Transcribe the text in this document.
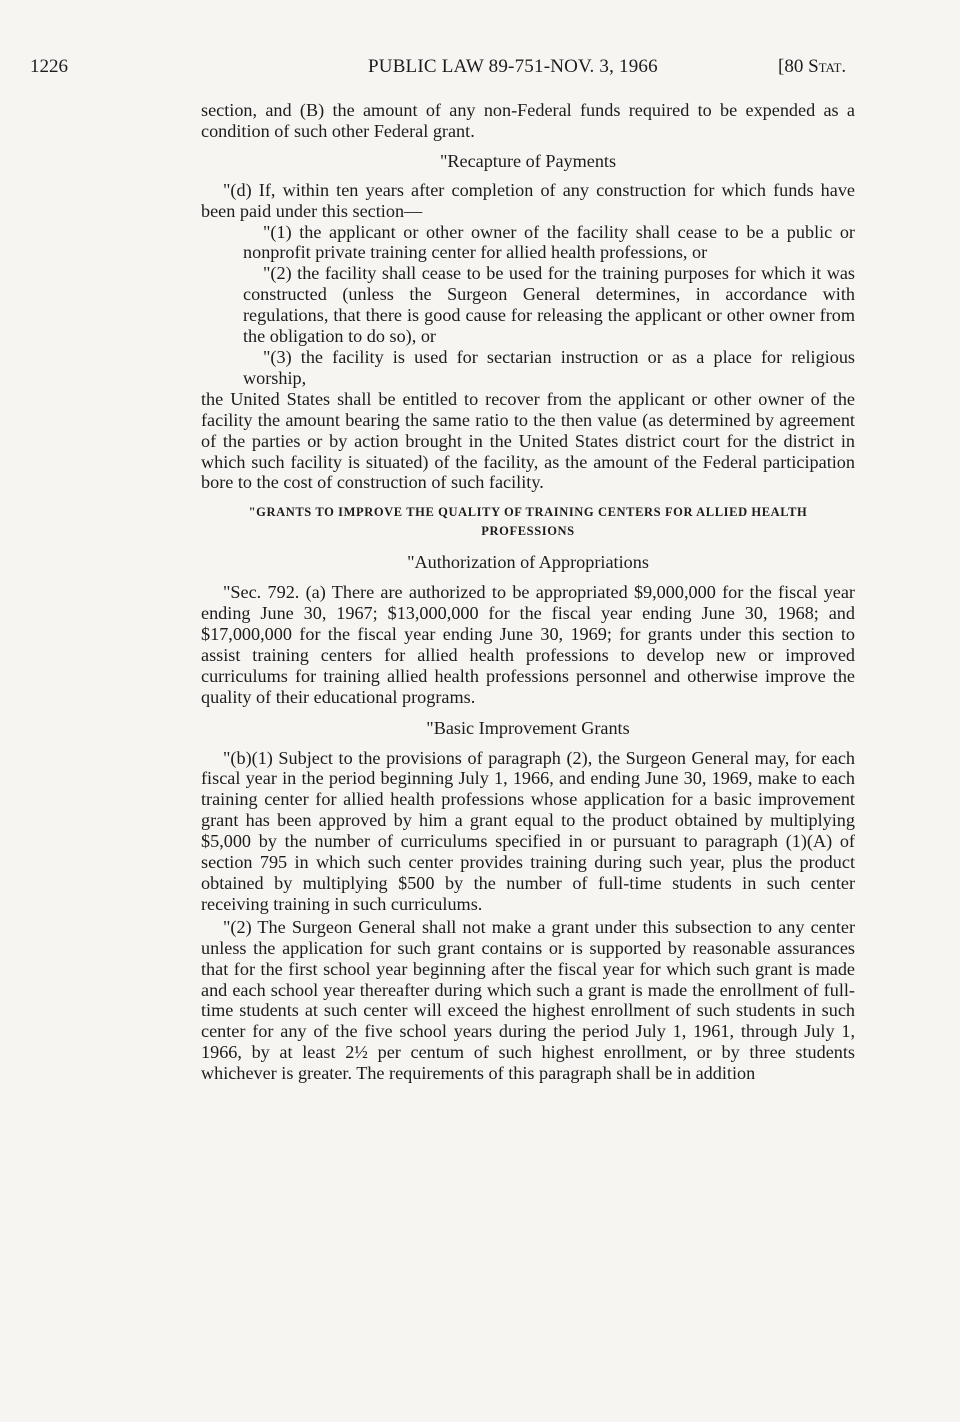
1226	PUBLIC LAW 89-751-NOV. 3, 1966	[80 Stat.

section, and (B) the amount of any non-Federal funds required to be expended as a condition of such other Federal grant.

"Recapture of Payments

"(d) If, within ten years after completion of any construction for which funds have been paid under this section—

"(1) the applicant or other owner of the facility shall cease to be a public or nonprofit private training center for allied health professions, or

"(2) the facility shall cease to be used for the training purposes for which it was constructed (unless the Surgeon General determines, in accordance with regulations, that there is good cause for releasing the applicant or other owner from the obligation to do so), or

"(3) the facility is used for sectarian instruction or as a place for religious worship,

the United States shall be entitled to recover from the applicant or other owner of the facility the amount bearing the same ratio to the then value (as determined by agreement of the parties or by action brought in the United States district court for the district in which such facility is situated) of the facility, as the amount of the Federal participation bore to the cost of construction of such facility.

"GRANTS TO IMPROVE THE QUALITY OF TRAINING CENTERS FOR ALLIED HEALTH PROFESSIONS

"Authorization of Appropriations

"Sec. 792. (a) There are authorized to be appropriated $9,000,000 for the fiscal year ending June 30, 1967; $13,000,000 for the fiscal year ending June 30, 1968; and $17,000,000 for the fiscal year ending June 30, 1969; for grants under this section to assist training centers for allied health professions to develop new or improved curriculums for training allied health professions personnel and otherwise improve the quality of their educational programs.

"Basic Improvement Grants

"(b)(1) Subject to the provisions of paragraph (2), the Surgeon General may, for each fiscal year in the period beginning July 1, 1966, and ending June 30, 1969, make to each training center for allied health professions whose application for a basic improvement grant has been approved by him a grant equal to the product obtained by multiplying $5,000 by the number of curriculums specified in or pursuant to paragraph (1)(A) of section 795 in which such center provides training during such year, plus the product obtained by multiplying $500 by the number of full-time students in such center receiving training in such curriculums.

"(2) The Surgeon General shall not make a grant under this subsection to any center unless the application for such grant contains or is supported by reasonable assurances that for the first school year beginning after the fiscal year for which such grant is made and each school year thereafter during which such a grant is made the enrollment of full-time students at such center will exceed the highest enrollment of such students in such center for any of the five school years during the period July 1, 1961, through July 1, 1966, by at least 2½ per centum of such highest enrollment, or by three students whichever is greater. The requirements of this paragraph shall be in addition
